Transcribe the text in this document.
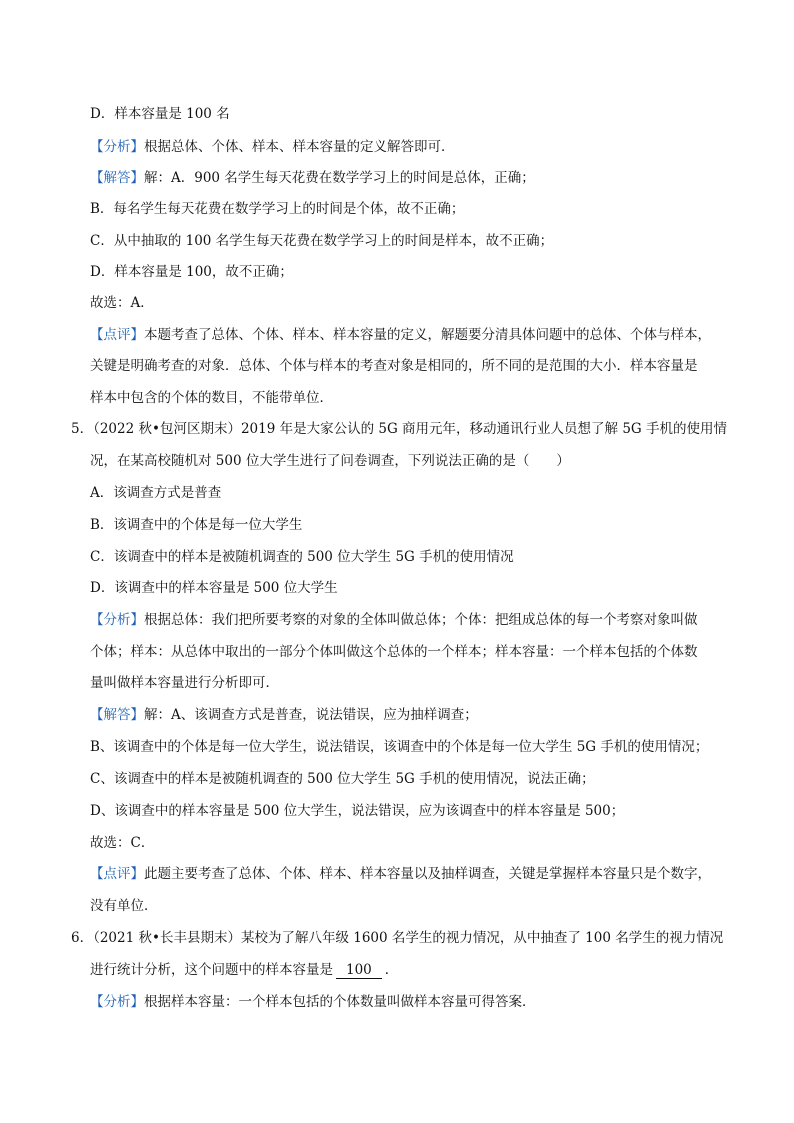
D．样本容量是 100 名
【分析】根据总体、个体、样本、样本容量的定义解答即可．
【解答】解：A．900 名学生每天花费在数学学习上的时间是总体，正确；
B．每名学生每天花费在数学学习上的时间是个体，故不正确；
C．从中抽取的 100 名学生每天花费在数学学习上的时间是样本，故不正确；
D．样本容量是 100，故不正确；
故选：A．
【点评】本题考查了总体、个体、样本、样本容量的定义，解题要分清具体问题中的总体、个体与样本，
关键是明确考查的对象．总体、个体与样本的考查对象是相同的，所不同的是范围的大小．样本容量是
样本中包含的个体的数目，不能带单位．
5．（2022 秋•包河区期末）2019 年是大家公认的 5G 商用元年，移动通讯行业人员想了解 5G 手机的使用情
况，在某高校随机对 500 位大学生进行了问卷调查，下列说法正确的是（　　）
A．该调查方式是普查
B．该调查中的个体是每一位大学生
C．该调查中的样本是被随机调查的 500 位大学生 5G 手机的使用情况
D．该调查中的样本容量是 500 位大学生
【分析】根据总体：我们把所要考察的对象的全体叫做总体；个体：把组成总体的每一个考察对象叫做
个体；样本：从总体中取出的一部分个体叫做这个总体的一个样本；样本容量：一个样本包括的个体数
量叫做样本容量进行分析即可．
【解答】解：A、该调查方式是普查，说法错误，应为抽样调查；
B、该调查中的个体是每一位大学生，说法错误，该调查中的个体是每一位大学生 5G 手机的使用情况；
C、该调查中的样本是被随机调查的 500 位大学生 5G 手机的使用情况，说法正确；
D、该调查中的样本容量是 500 位大学生，说法错误，应为该调查中的样本容量是 500；
故选：C．
【点评】此题主要考查了总体、个体、样本、样本容量以及抽样调查，关键是掌握样本容量只是个数字，
没有单位．
6．（2021 秋•长丰县期末）某校为了解八年级 1600 名学生的视力情况，从中抽查了 100 名学生的视力情况
进行统计分析，这个问题中的样本容量是 100 ．
【分析】根据样本容量：一个样本包括的个体数量叫做样本容量可得答案．
